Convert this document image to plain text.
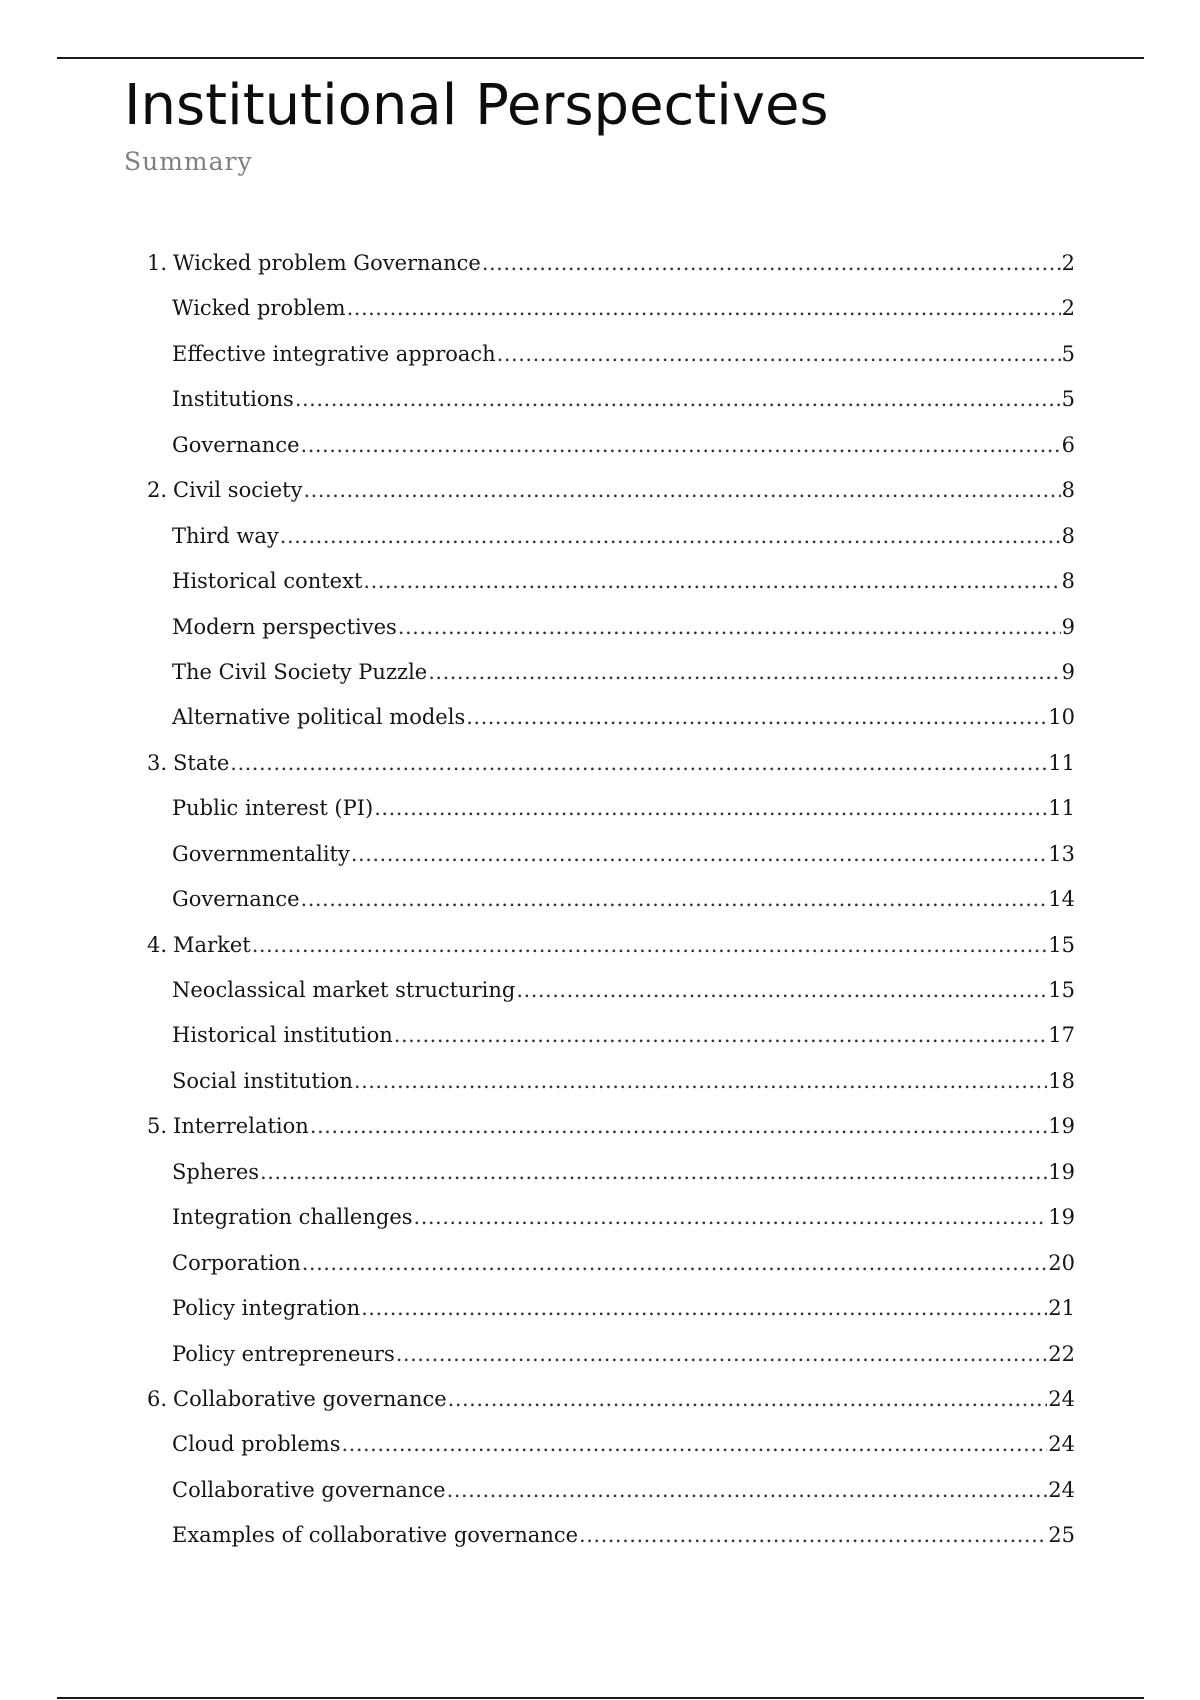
Institutional Perspectives
Summary
1. Wicked problem Governance .....	2
Wicked problem .....	2
Effective integrative approach .....	5
Institutions .....	5
Governance .....	6
2. Civil society .....	8
Third way .....	8
Historical context .....	8
Modern perspectives .....	9
The Civil Society Puzzle .....	9
Alternative political models .....	10
3. State .....	11
Public interest (PI) .....	11
Governmentality .....	13
Governance .....	14
4. Market .....	15
Neoclassical market structuring .....	15
Historical institution .....	17
Social institution .....	18
5. Interrelation .....	19
Spheres .....	19
Integration challenges .....	19
Corporation .....	20
Policy integration .....	21
Policy entrepreneurs .....	22
6. Collaborative governance .....	24
Cloud problems .....	24
Collaborative governance .....	24
Examples of collaborative governance .....	25
